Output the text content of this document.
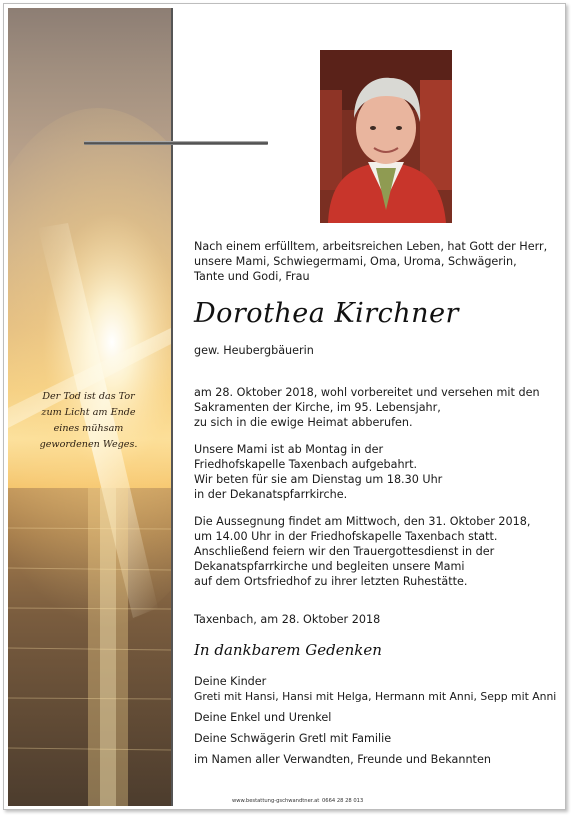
Der Tod ist das Tor
zum Licht am Ende
eines mühsam
gewordenen Weges.
Nach einem erfülltem, arbeitsreichen Leben, hat Gott der Herr,
unsere Mami, Schwiegermami, Oma, Uroma, Schwägerin,
Tante und Godi, Frau
Dorothea Kirchner
gew. Heubergbäuerin
am 28. Oktober 2018, wohl vorbereitet und versehen mit den
Sakramenten der Kirche, im 95. Lebensjahr,
zu sich in die ewige Heimat abberufen.
Unsere Mami ist ab Montag in der
Friedhofskapelle Taxenbach aufgebahrt.
Wir beten für sie am Dienstag um 18.30 Uhr
in der Dekanatspfarrkirche.
Die Aussegnung findet am Mittwoch, den 31. Oktober 2018,
um 14.00 Uhr in der Friedhofskapelle Taxenbach statt.
Anschließend feiern wir den Trauergottesdienst in der
Dekanatspfarrkirche und begleiten unsere Mami
auf dem Ortsfriedhof zu ihrer letzten Ruhestätte.
Taxenbach, am 28. Oktober 2018
In dankbarem Gedenken
Deine Kinder
Greti mit Hansi, Hansi mit Helga, Hermann mit Anni, Sepp mit Anni
Deine Enkel und Urenkel
Deine Schwägerin Gretl mit Familie
im Namen aller Verwandten, Freunde und Bekannten
www.bestattung-gschwandtner.at 0664 28 28 013
